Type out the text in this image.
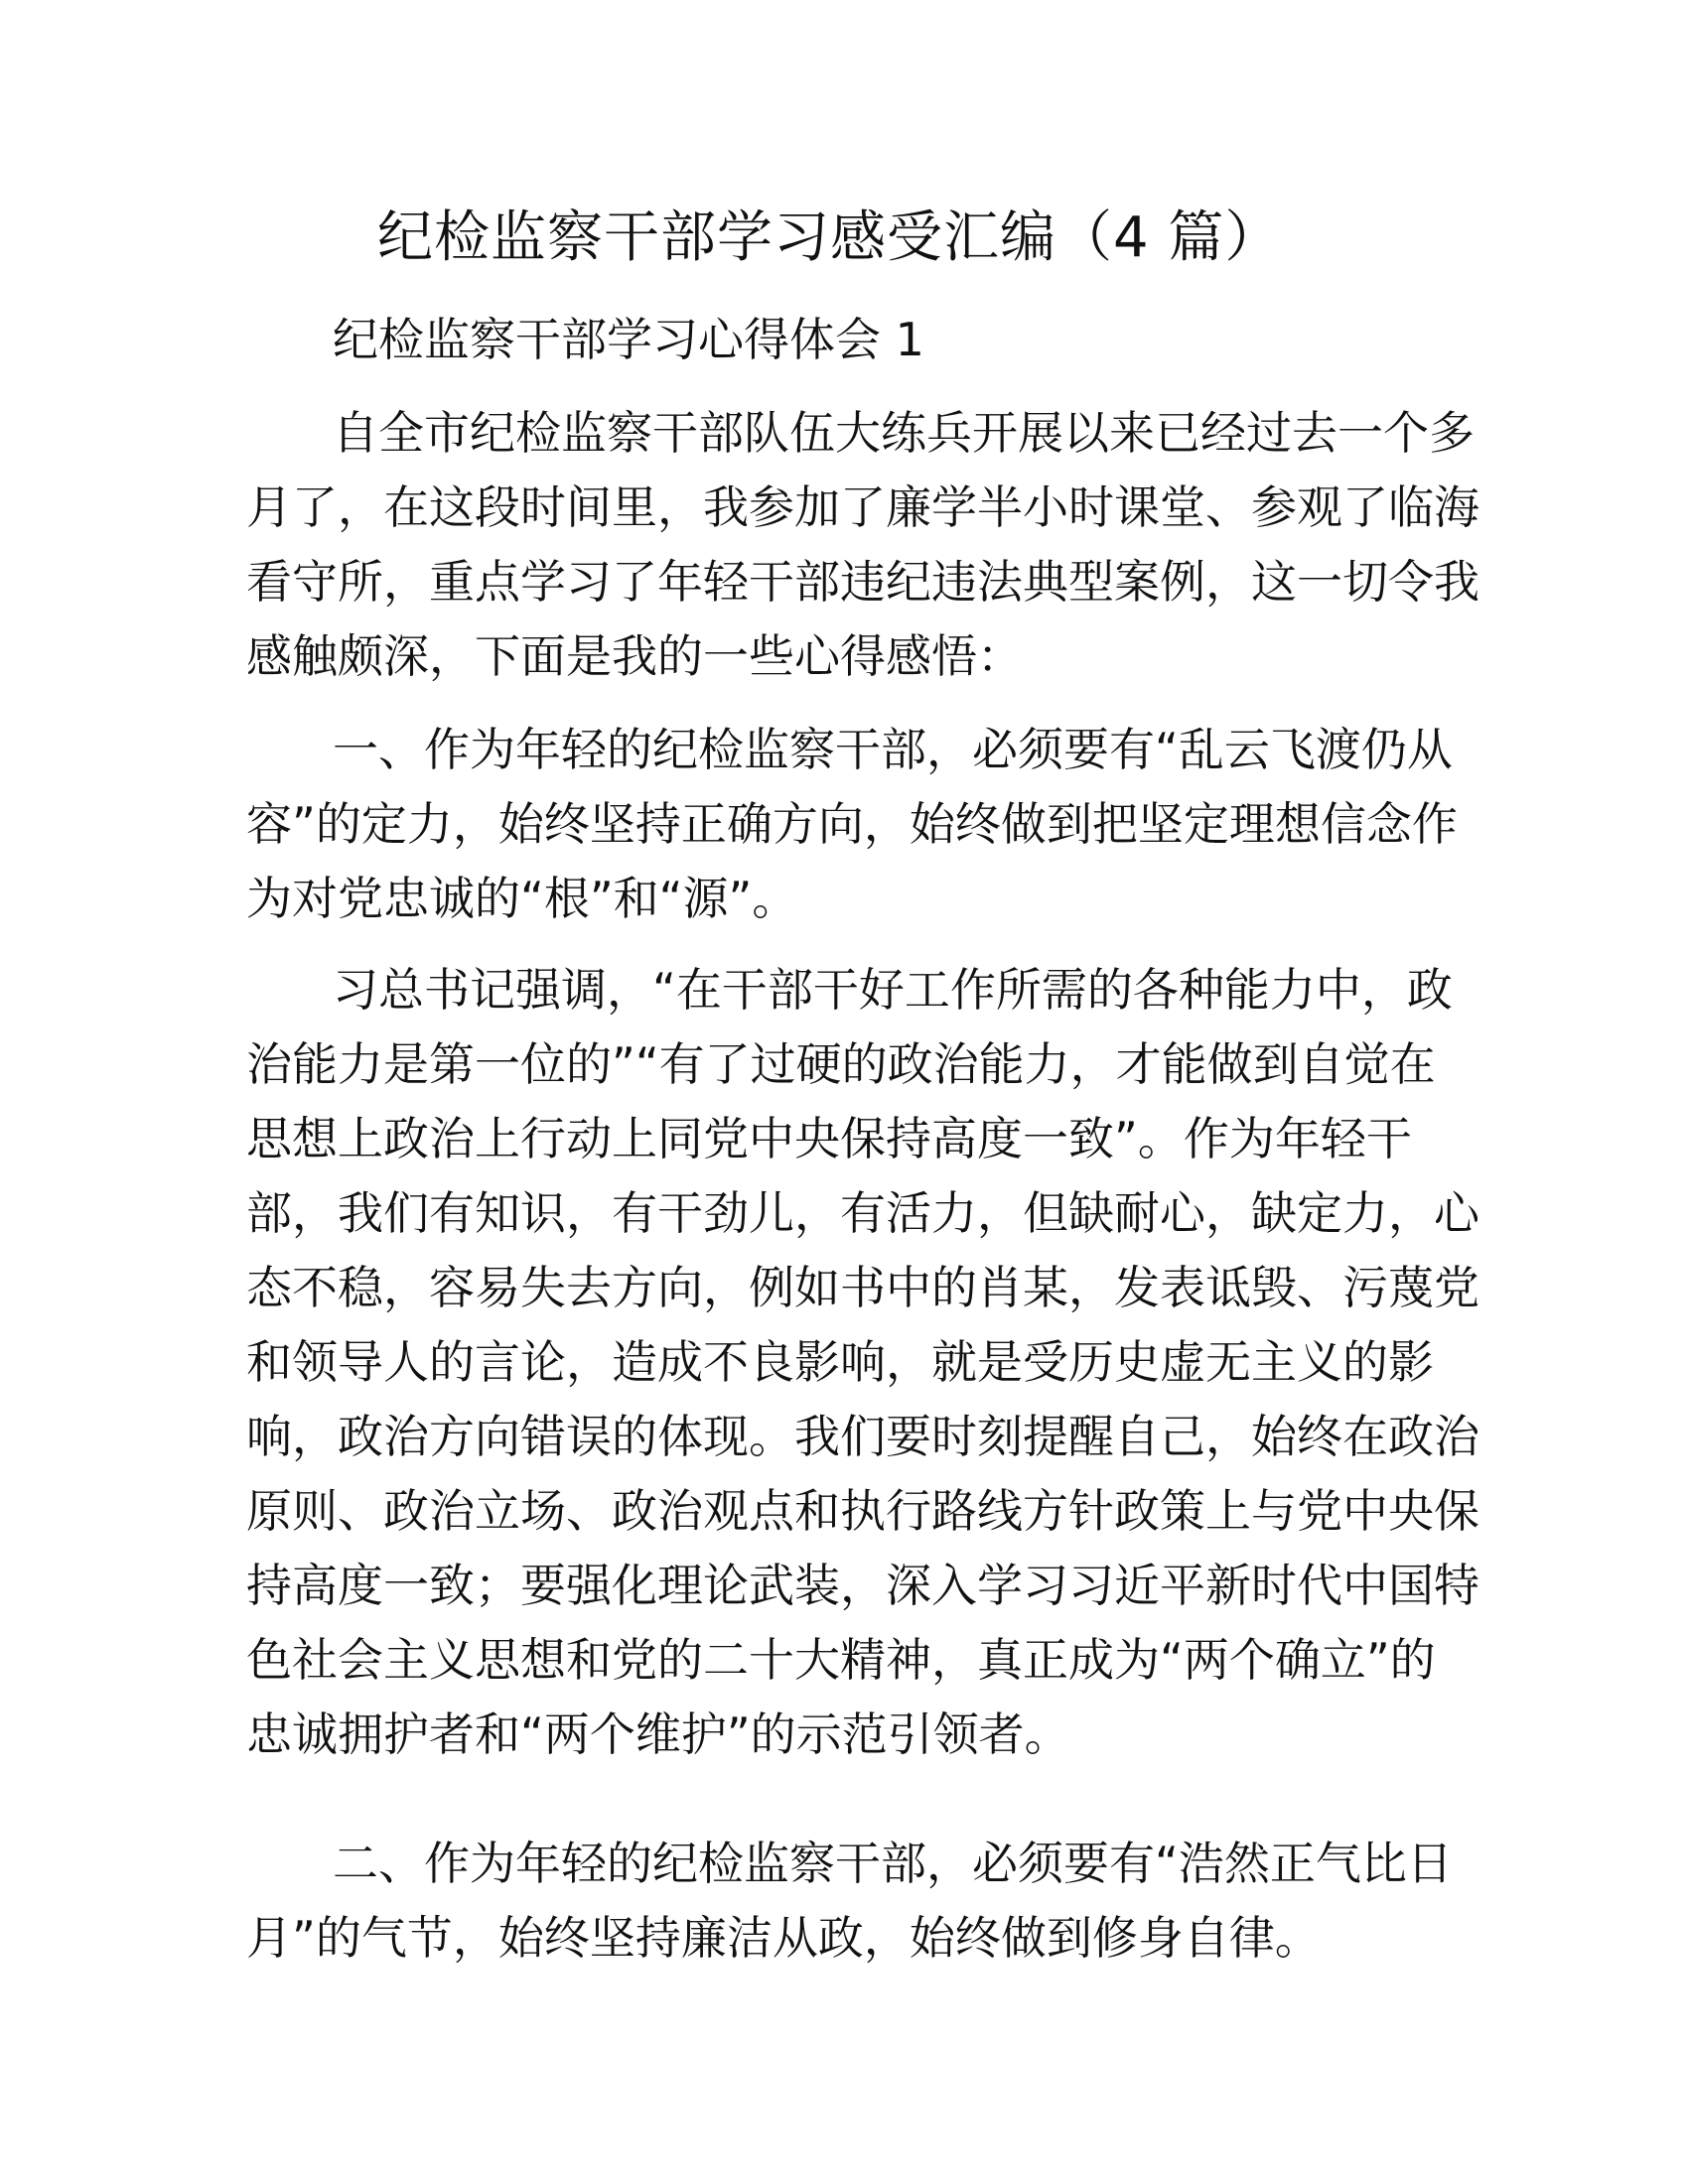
纪检监察干部学习感受汇编（4 篇）

纪检监察干部学习心得体会 1

自全市纪检监察干部队伍大练兵开展以来已经过去一个多
月了，在这段时间里，我参加了廉学半小时课堂、参观了临海
看守所，重点学习了年轻干部违纪违法典型案例，这一切令我
感触颇深，下面是我的一些心得感悟：
一、作为年轻的纪检监察干部，必须要有“乱云飞渡仍从
容”的定力，始终坚持正确方向，始终做到把坚定理想信念作
为对党忠诚的“根”和“源”。
习总书记强调，“在干部干好工作所需的各种能力中，政
治能力是第一位的”“有了过硬的政治能力，才能做到自觉在
思想上政治上行动上同党中央保持高度一致”。作为年轻干
部，我们有知识，有干劲儿，有活力，但缺耐心，缺定力，心
态不稳，容易失去方向，例如书中的肖某，发表诋毁、污蔑党
和领导人的言论，造成不良影响，就是受历史虚无主义的影
响，政治方向错误的体现。我们要时刻提醒自己，始终在政治
原则、政治立场、政治观点和执行路线方针政策上与党中央保
持高度一致；要强化理论武装，深入学习习近平新时代中国特
色社会主义思想和党的二十大精神，真正成为“两个确立”的
忠诚拥护者和“两个维护”的示范引领者。
二、作为年轻的纪检监察干部，必须要有“浩然正气比日
月”的气节，始终坚持廉洁从政，始终做到修身自律。
